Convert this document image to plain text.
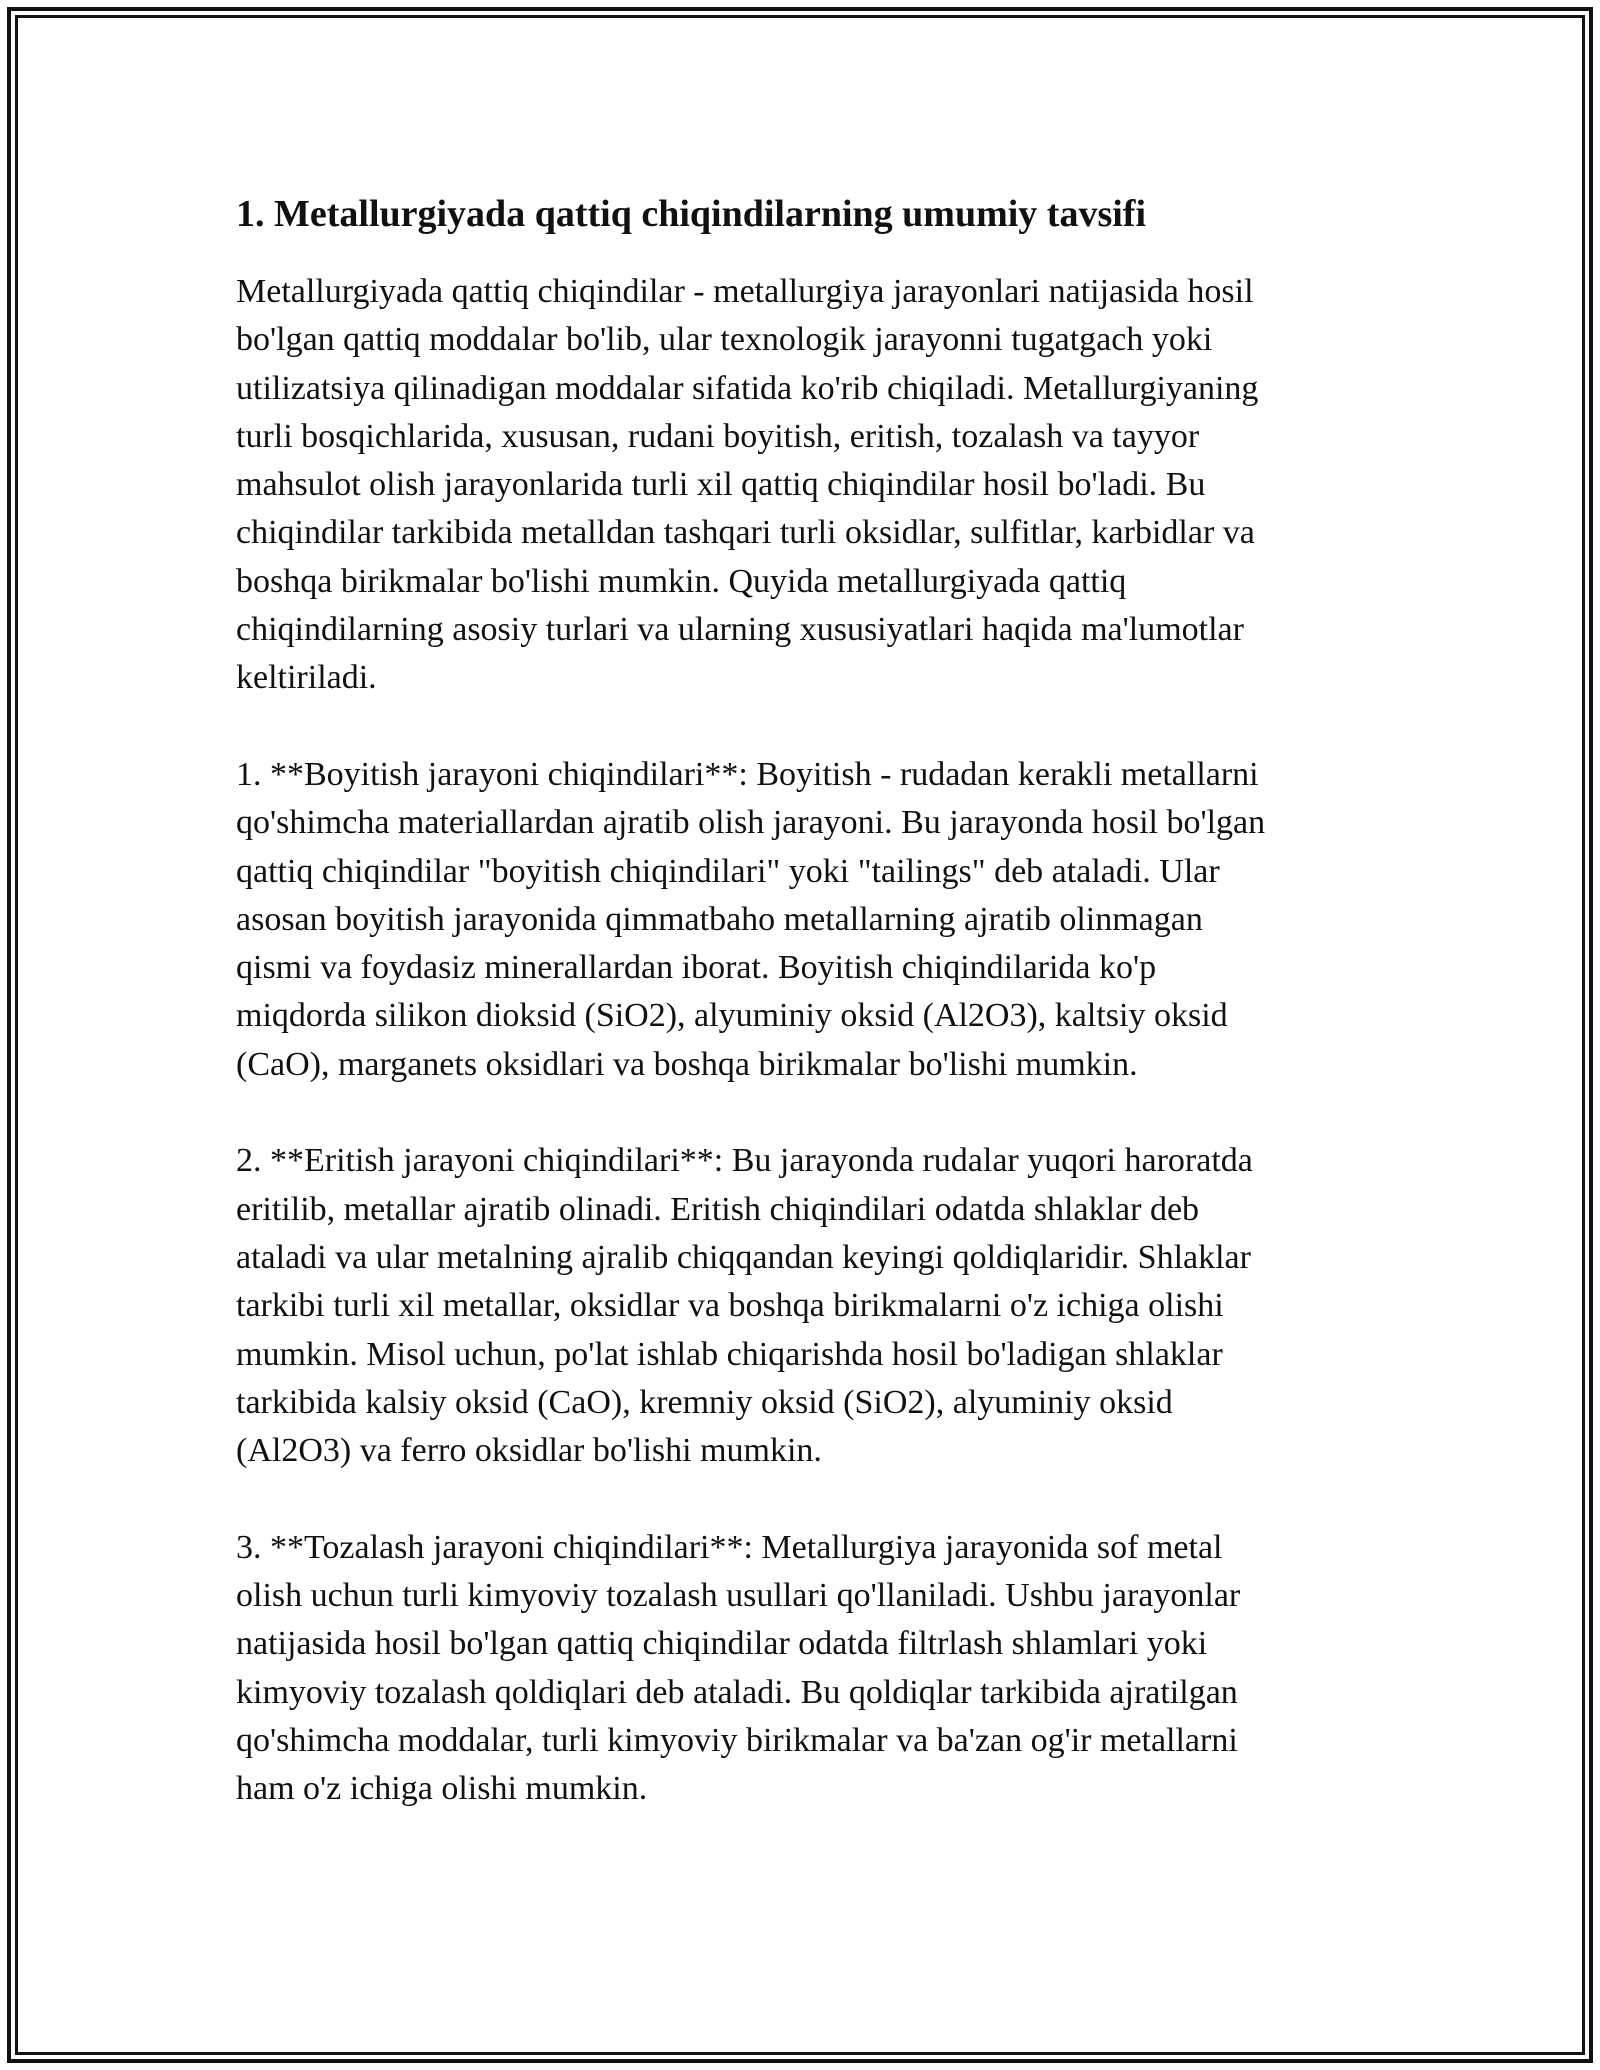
1. Metallurgiyada qattiq chiqindilarning umumiy tavsifi

Metallurgiyada qattiq chiqindilar - metallurgiya jarayonlari natijasida hosil
bo'lgan qattiq moddalar bo'lib, ular texnologik jarayonni tugatgach yoki
utilizatsiya qilinadigan moddalar sifatida ko'rib chiqiladi. Metallurgiyaning
turli bosqichlarida, xususan, rudani boyitish, eritish, tozalash va tayyor
mahsulot olish jarayonlarida turli xil qattiq chiqindilar hosil bo'ladi. Bu
chiqindilar tarkibida metalldan tashqari turli oksidlar, sulfitlar, karbidlar va
boshqa birikmalar bo'lishi mumkin. Quyida metallurgiyada qattiq
chiqindilarning asosiy turlari va ularning xususiyatlari haqida ma'lumotlar
keltiriladi.

1. **Boyitish jarayoni chiqindilari**: Boyitish - rudadan kerakli metallarni
qo'shimcha materiallardan ajratib olish jarayoni. Bu jarayonda hosil bo'lgan
qattiq chiqindilar "boyitish chiqindilari" yoki "tailings" deb ataladi. Ular
asosan boyitish jarayonida qimmatbaho metallarning ajratib olinmagan
qismi va foydasiz minerallardan iborat. Boyitish chiqindilarida ko'p
miqdorda silikon dioksid (SiO2), alyuminiy oksid (Al2O3), kaltsiy oksid
(CaO), marganets oksidlari va boshqa birikmalar bo'lishi mumkin.

2. **Eritish jarayoni chiqindilari**: Bu jarayonda rudalar yuqori haroratda
eritilib, metallar ajratib olinadi. Eritish chiqindilari odatda shlaklar deb
ataladi va ular metalning ajralib chiqqandan keyingi qoldiqlaridir. Shlaklar
tarkibi turli xil metallar, oksidlar va boshqa birikmalarni o'z ichiga olishi
mumkin. Misol uchun, po'lat ishlab chiqarishda hosil bo'ladigan shlaklar
tarkibida kalsiy oksid (CaO), kremniy oksid (SiO2), alyuminiy oksid
(Al2O3) va ferro oksidlar bo'lishi mumkin.

3. **Tozalash jarayoni chiqindilari**: Metallurgiya jarayonida sof metal
olish uchun turli kimyoviy tozalash usullari qo'llaniladi. Ushbu jarayonlar
natijasida hosil bo'lgan qattiq chiqindilar odatda filtrlash shlamlari yoki
kimyoviy tozalash qoldiqlari deb ataladi. Bu qoldiqlar tarkibida ajratilgan
qo'shimcha moddalar, turli kimyoviy birikmalar va ba'zan og'ir metallarni
ham o'z ichiga olishi mumkin.
